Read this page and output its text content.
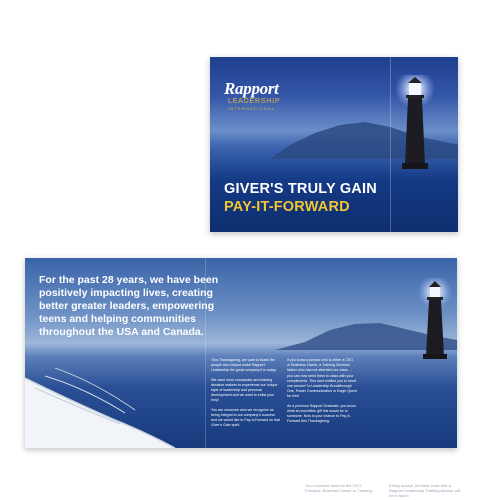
Rapport
LEADERSHIP
INTERNATIONAL
GIVER'S TRULY GAIN
PAY-IT-FORWARD
For the past 28 years, we have been positively impacting lives, creating better greater leaders, empowering teens and helping communities throughout the USA and Canada.

This Thanksgiving, we want to thank the people who helped make Rapport Leadership the great company it is today.

We want more companies and training decision makers to experience our unique style of leadership and personal development and we want to enlist your help!

You are someone who we recognize as being integral to our company's success and we would like to Pay-It-Forward so that Giver's Gain spirit.

If you know a person who is either a CEO or Business Owner, a Training Decision Maker who has not attended our class ... you can now send them to class with your compliments. This card entitles you to send one person* to Leadership Breakthrough One, Power Communication or Eagle Quest for free!

As a previous Rapport Graduate, you know what an incredible gift this would be to someone. Now is your chance to Pay-It-Forward this Thanksgiving.

Your nominee must be the CEO, Principal, Business Owner or Training
If they accept, let them know that a Rapport Leadership Training Advisor will be in touch
